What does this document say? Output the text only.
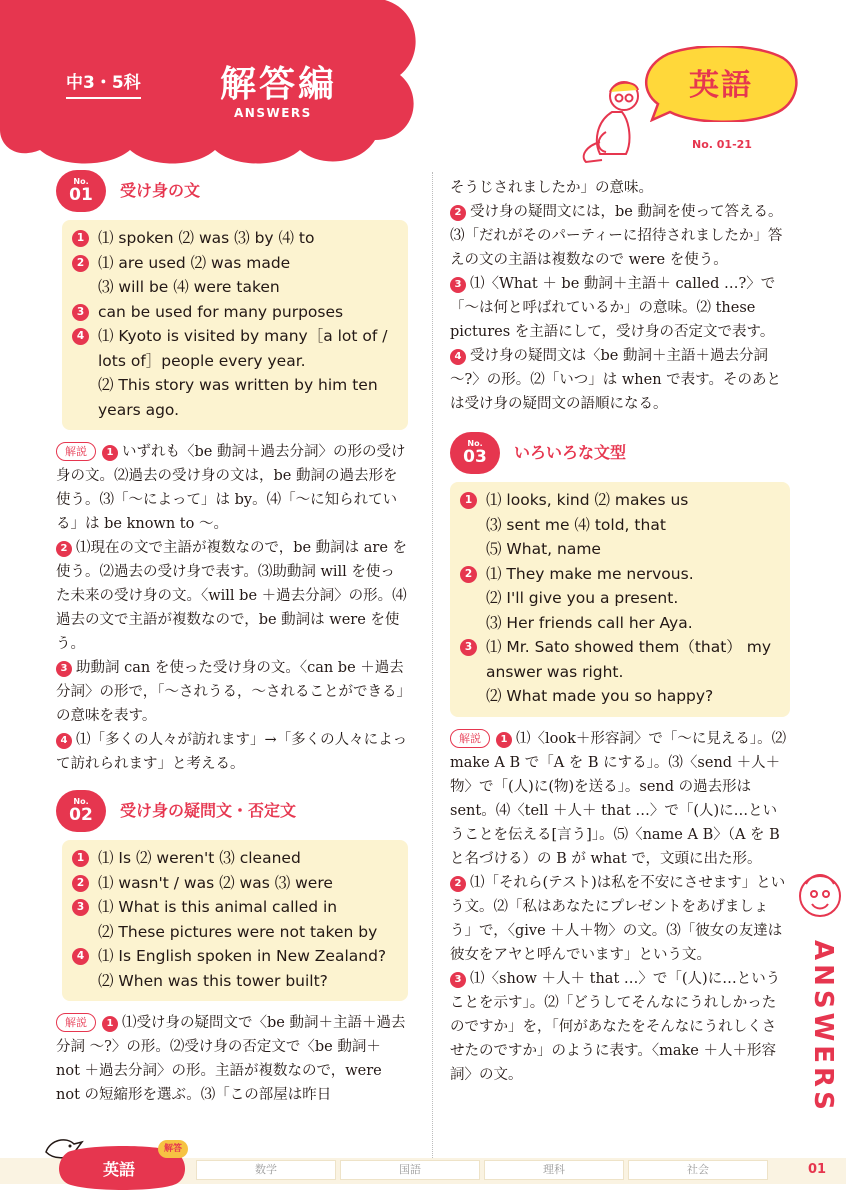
中3・5科 解答編
ANSWERS
英語
No. 01-21
No.
01	受け身の文
1 ⑴ spoken ⑵ was ⑶ by ⑷ to
2 ⑴ are used ⑵ was made
⑶ will be ⑷ were taken
3 can be used for many purposes
4 ⑴ Kyoto is visited by many［a lot of / lots of］people every year.
⑵ This story was written by him ten years ago.

解説 1 いずれも〈be 動詞＋過去分詞〉の形の受け身の文。⑵過去の受け身の文は，be 動詞の過去形を使う。⑶「～によって」は by。⑷「～に知られている」は be known to ～。

2 ⑴現在の文で主語が複数なので，be 動詞は are を使う。⑵過去の受け身で表す。⑶助動詞 will を使った未来の受け身の文。〈will be ＋過去分詞〉の形。⑷過去の文で主語が複数なので，be 動詞は were を使う。

3 助動詞 can を使った受け身の文。〈can be ＋過去分詞〉の形で，「～されうる，～されることができる」の意味を表す。

4 ⑴「多くの人々が訪れます」→「多くの人々によって訪れられます」と考える。

No.
02	受け身の疑問文・否定文
1 ⑴ Is ⑵ weren't ⑶ cleaned
2 ⑴ wasn't / was ⑵ was ⑶ were
3 ⑴ What is this animal called in
⑵ These pictures were not taken by
4 ⑴ Is English spoken in New Zealand?
⑵ When was this tower built?

解説 1 ⑴受け身の疑問文で〈be 動詞＋主語＋過去分詞 ～?〉の形。⑵受け身の否定文で〈be 動詞＋ not ＋過去分詞〉の形。主語が複数なので，were not の短縮形を選ぶ。⑶「この部屋は昨日

そうじされましたか」の意味。

2 受け身の疑問文には，be 動詞を使って答える。⑶「だれがそのパーティーに招待されましたか」答えの文の主語は複数なので were を使う。

3 ⑴〈What ＋ be 動詞＋主語＋ called …?〉で「～は何と呼ばれているか」の意味。⑵ these pictures を主語にして，受け身の否定文で表す。

4 受け身の疑問文は〈be 動詞＋主語＋過去分詞～?〉の形。⑵「いつ」は when で表す。そのあとは受け身の疑問文の語順になる。

No.
03	いろいろな文型
1 ⑴ looks, kind ⑵ makes us
⑶ sent me ⑷ told, that
⑸ What, name
2 ⑴ They make me nervous.
⑵ I'll give you a present.
⑶ Her friends call her Aya.
3 ⑴ Mr. Sato showed them（that） my answer was right.
⑵ What made you so happy?

解説 1 ⑴〈look＋形容詞〉で「～に見える」。⑵ make A B で「A を B にする」。⑶〈send ＋人＋物〉で「(人)に(物)を送る」。send の過去形は sent。⑷〈tell ＋人＋ that …〉で「(人)に…ということを伝える[言う]」。⑸〈name A B〉（A を B と名づける）の B が what で，文頭に出た形。

2 ⑴「それら(テスト)は私を不安にさせます」という文。⑵「私はあなたにプレゼントをあげましょう」で，〈give ＋人＋物〉の文。⑶「彼女の友達は彼女をアヤと呼んでいます」という文。

3 ⑴〈show ＋人＋ that …〉で「(人)に…ということを示す」。⑵「どうしてそんなにうれしかったのですか」を，「何があなたをそんなにうれしくさせたのですか」のように表す。〈make ＋人＋形容詞〉の文。	ANSWERS
英語
解答
数学	国語	理科	社会	01
